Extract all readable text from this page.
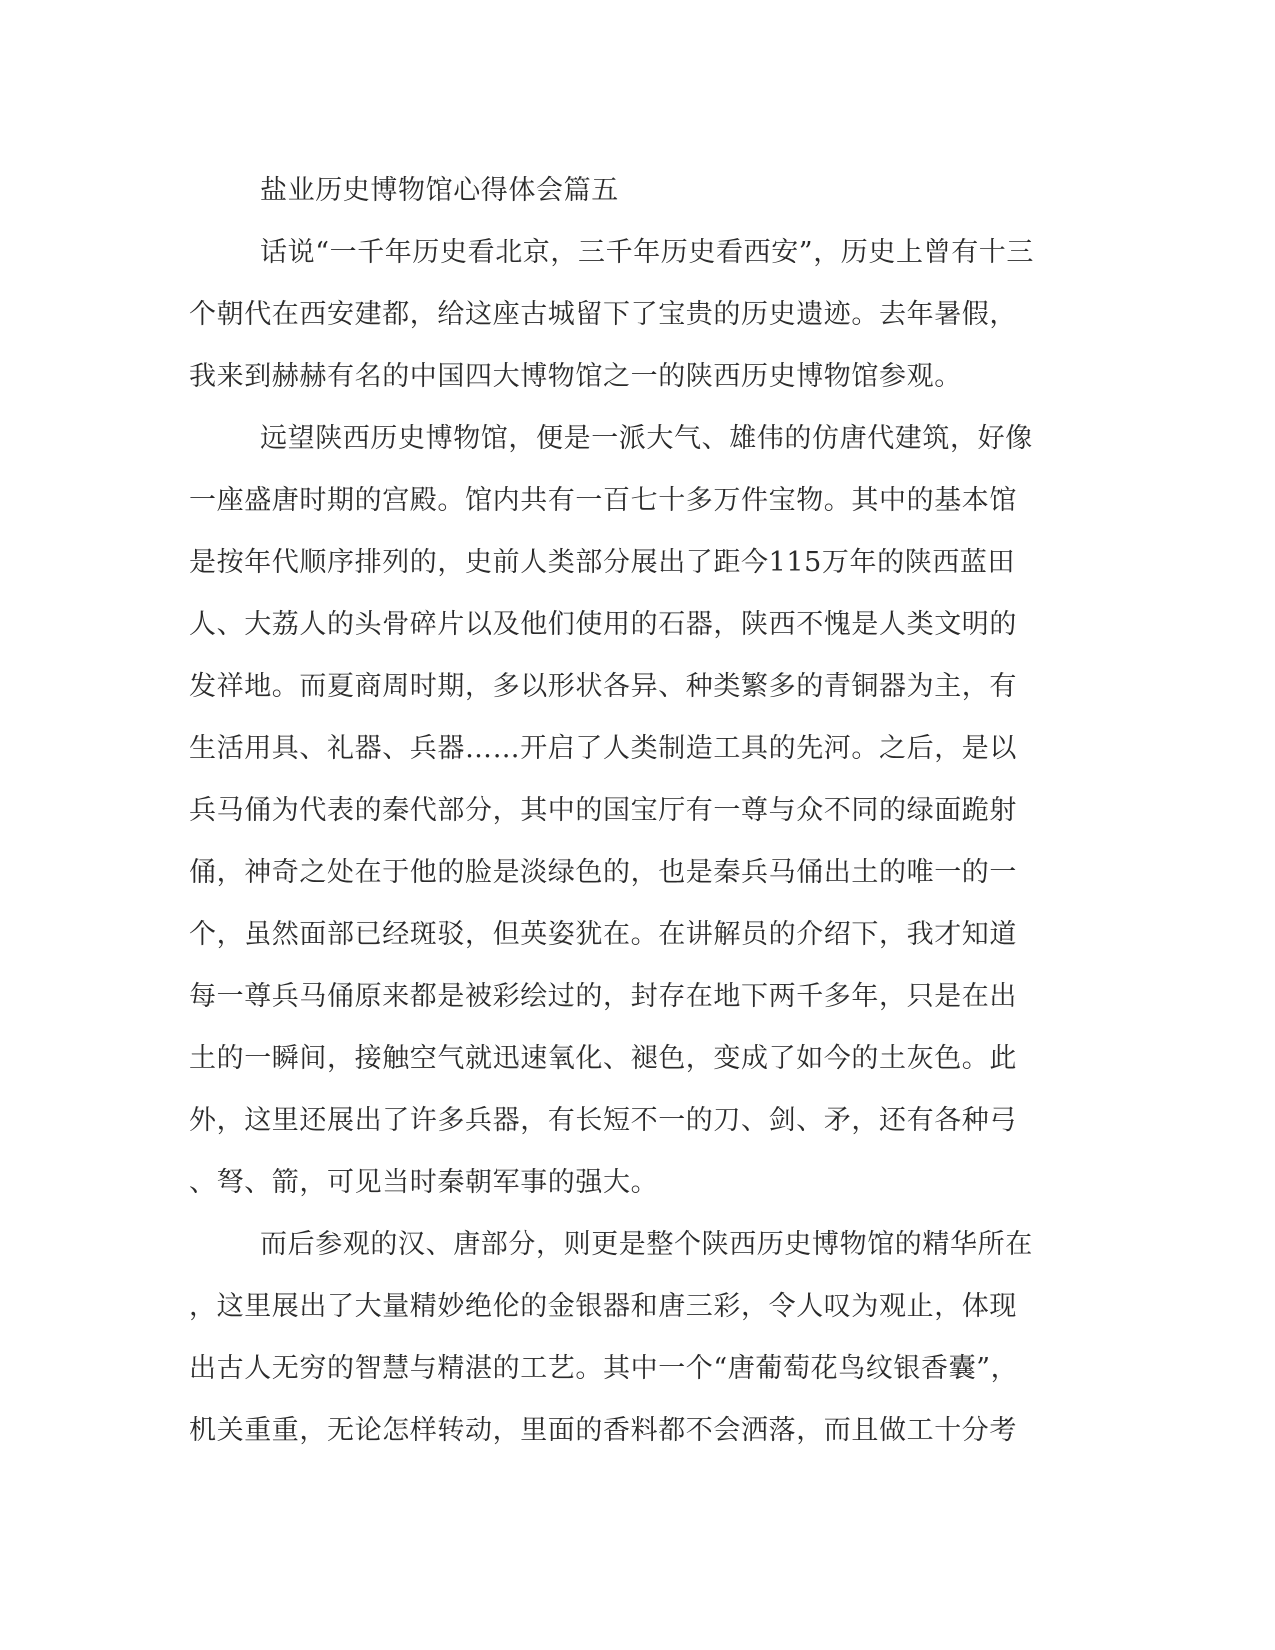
盐业历史博物馆心得体会篇五
话说“一千年历史看北京，三千年历史看西安”，历史上曾有十三
个朝代在西安建都，给这座古城留下了宝贵的历史遗迹。去年暑假，
我来到赫赫有名的中国四大博物馆之一的陕西历史博物馆参观。
远望陕西历史博物馆，便是一派大气、雄伟的仿唐代建筑，好像
一座盛唐时期的宫殿。馆内共有一百七十多万件宝物。其中的基本馆
是按年代顺序排列的，史前人类部分展出了距今115万年的陕西蓝田
人、大荔人的头骨碎片以及他们使用的石器，陕西不愧是人类文明的
发祥地。而夏商周时期，多以形状各异、种类繁多的青铜器为主，有
生活用具、礼器、兵器……开启了人类制造工具的先河。之后，是以
兵马俑为代表的秦代部分，其中的国宝厅有一尊与众不同的绿面跪射
俑，神奇之处在于他的脸是淡绿色的，也是秦兵马俑出土的唯一的一
个，虽然面部已经斑驳，但英姿犹在。在讲解员的介绍下，我才知道
每一尊兵马俑原来都是被彩绘过的，封存在地下两千多年，只是在出
土的一瞬间，接触空气就迅速氧化、褪色，变成了如今的土灰色。此
外，这里还展出了许多兵器，有长短不一的刀、剑、矛，还有各种弓
、弩、箭，可见当时秦朝军事的强大。
而后参观的汉、唐部分，则更是整个陕西历史博物馆的精华所在
，这里展出了大量精妙绝伦的金银器和唐三彩，令人叹为观止，体现
出古人无穷的智慧与精湛的工艺。其中一个“唐葡萄花鸟纹银香囊”，
机关重重，无论怎样转动，里面的香料都不会洒落，而且做工十分考
